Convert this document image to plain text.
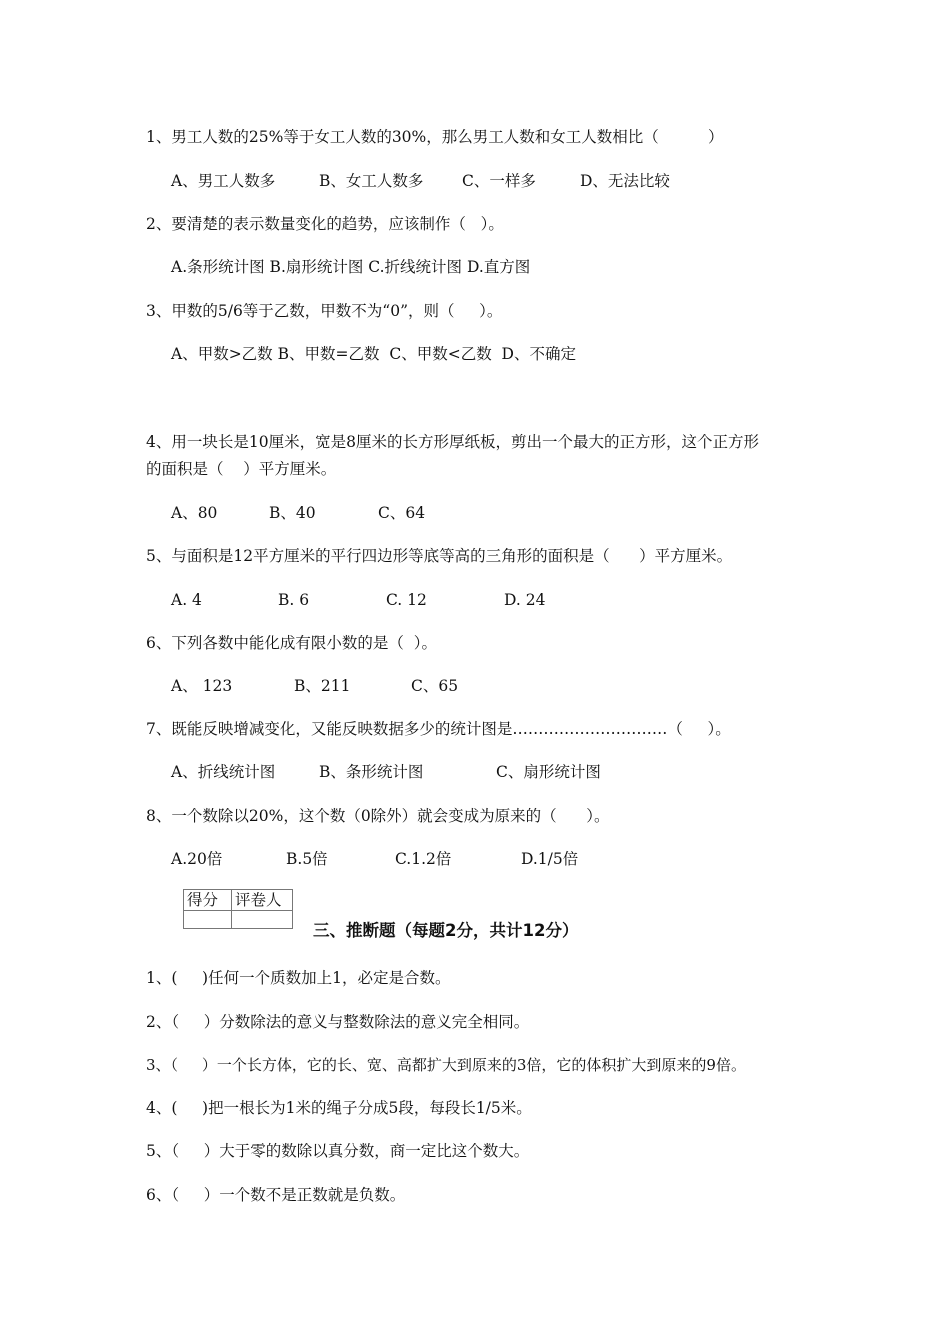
1、男工人数的25%等于女工人数的30%，那么男工人数和女工人数相比（          ）
A、男工人数多	B、女工人数多 C、一样多	D、无法比较
2、要清楚的表示数量变化的趋势，应该制作（   ）。
A.条形统计图 B.扇形统计图 C.折线统计图 D.直方图
3、甲数的5/6等于乙数，甲数不为“0”，则（     ）。
A、甲数>乙数 B、甲数=乙数  C、甲数<乙数  D、不确定
4、用一块长是10厘米，宽是8厘米的长方形厚纸板，剪出一个最大的正方形，这个正方形
的面积是（    ）平方厘米。
A、80	B、40	C、64
5、与面积是12平方厘米的平行四边形等底等高的三角形的面积是（      ）平方厘米。
A. 4	B. 6	C. 12	D. 24
6、下列各数中能化成有限小数的是（  ）。
A、 123	B、211	C、65
7、既能反映增减变化，又能反映数据多少的统计图是…………………………（     ）。
A、折线统计图	B、条形统计图	C、扇形统计图
8、一个数除以20%，这个数（0除外）就会变成为原来的（      ）。
A.20倍	B.5倍	C.1.2倍	D.1/5倍
得分	评卷人

三、推断题（每题2分，共计12分）
1、(     )任何一个质数加上1，必定是合数。
2、（     ）分数除法的意义与整数除法的意义完全相同。
3、（     ）一个长方体，它的长、宽、高都扩大到原来的3倍，它的体积扩大到原来的9倍。
4、(     )把一根长为1米的绳子分成5段，每段长1/5米。
5、（     ）大于零的数除以真分数，商一定比这个数大。
6、（     ）一个数不是正数就是负数。
